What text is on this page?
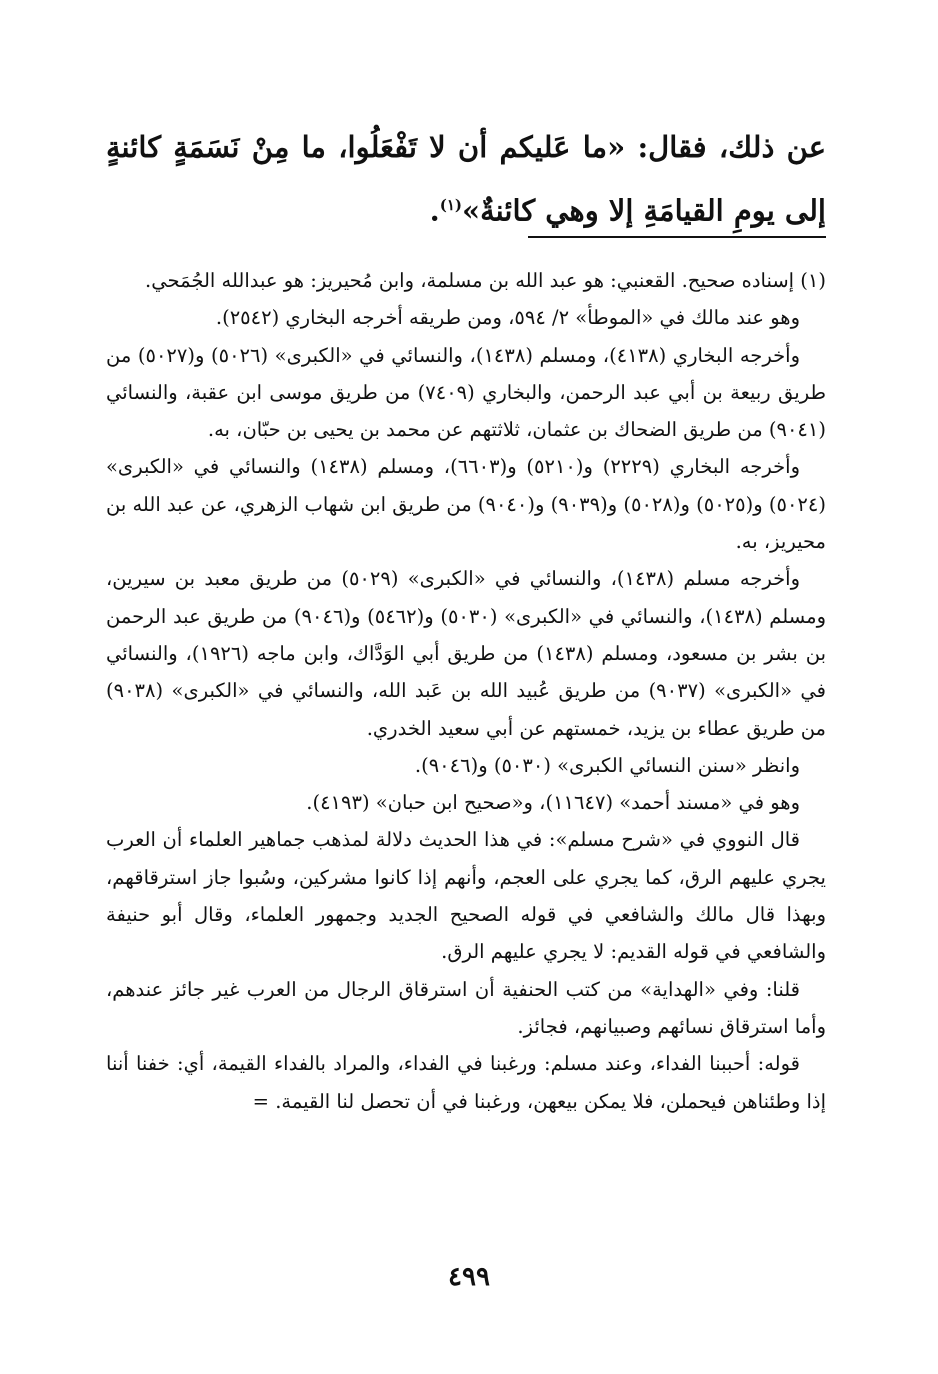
عن ذلك، فقال: «ما عَليكم أن لا تَفْعَلُوا، ما مِنْ نَسَمَةٍ كائنةٍ إلى يومِ القيامَةِ إلا وهي كائنةٌ»$^{(١)}$.

(١) إسناده صحيح. القعنبي: هو عبد الله بن مسلمة، وابن مُحيريز: هو عبدالله الجُمَحي.

وهو عند مالك في «الموطأ» ٢/ ٥٩٤، ومن طريقه أخرجه البخاري (٢٥٤٢).

وأخرجه البخاري (٤١٣٨)، ومسلم (١٤٣٨)، والنسائي في «الكبرى» (٥٠٢٦) و(٥٠٢٧) من طريق ربيعة بن أبي عبد الرحمن، والبخاري (٧٤٠٩) من طريق موسى ابن عقبة، والنسائي (٩٠٤١) من طريق الضحاك بن عثمان، ثلاثتهم عن محمد بن يحيى بن حبّان، به.

وأخرجه البخاري (٢٢٢٩) و(٥٢١٠) و(٦٦٠٣)، ومسلم (١٤٣٨) والنسائي في «الكبرى» (٥٠٢٤) و(٥٠٢٥) و(٥٠٢٨) و(٩٠٣٩) و(٩٠٤٠) من طريق ابن شهاب الزهري، عن عبد الله بن محيريز، به.

وأخرجه مسلم (١٤٣٨)، والنسائي في «الكبرى» (٥٠٢٩) من طريق معبد بن سيرين، ومسلم (١٤٣٨)، والنسائي في «الكبرى» (٥٠٣٠) و(٥٤٦٢) و(٩٠٤٦) من طريق عبد الرحمن بن بشر بن مسعود، ومسلم (١٤٣٨) من طريق أبي الوَدَّاك، وابن ماجه (١٩٢٦)، والنسائي في «الكبرى» (٩٠٣٧) من طريق عُبيد الله بن عَبد الله، والنسائي في «الكبرى» (٩٠٣٨) من طريق عطاء بن يزيد، خمستهم عن أبي سعيد الخدري.

وانظر «سنن النسائي الكبرى» (٥٠٣٠) و(٩٠٤٦).

وهو في «مسند أحمد» (١١٦٤٧)، و«صحيح ابن حبان» (٤١٩٣).

قال النووي في «شرح مسلم»: في هذا الحديث دلالة لمذهب جماهير العلماء أن العرب يجري عليهم الرق، كما يجري على العجم، وأنهم إذا كانوا مشركين، وسُبوا جاز استرقاقهم، وبهذا قال مالك والشافعي في قوله الصحيح الجديد وجمهور العلماء، وقال أبو حنيفة والشافعي في قوله القديم: لا يجري عليهم الرق.

قلنا: وفي «الهداية» من كتب الحنفية أن استرقاق الرجال من العرب غير جائز عندهم، وأما استرقاق نسائهم وصبيانهم، فجائز.

قوله: أحببنا الفداء، وعند مسلم: ورغبنا في الفداء، والمراد بالفداء القيمة، أي: خفنا أننا إذا وطئناهن فيحملن، فلا يمكن بيعهن، ورغبنا في أن تحصل لنا القيمة. =

٤٩٩
